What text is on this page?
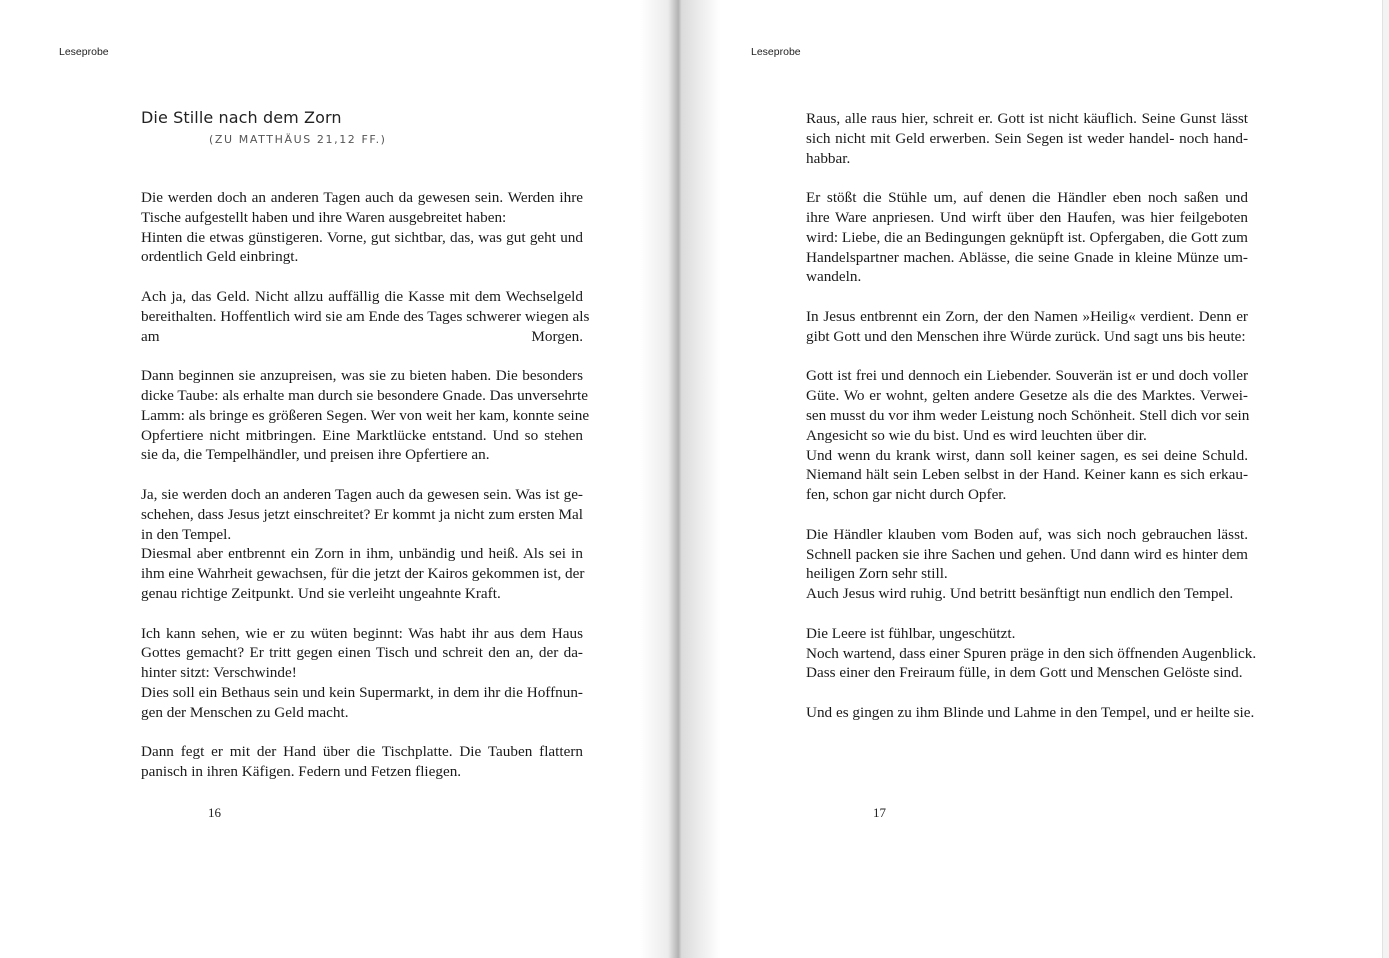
Leseprobe
Die Stille nach dem Zorn
(ZU MATTHÄUS 21,12 FF.)
Die werden doch an anderen Tagen auch da gewesen sein. Werden ihre
Tische aufgestellt haben und ihre Waren ausgebreitet haben:
Hinten die etwas günstigeren. Vorne, gut sichtbar, das, was gut geht und
ordentlich Geld einbringt.
Ach ja, das Geld. Nicht allzu auffällig die Kasse mit dem Wechselgeld
bereithalten. Hoffentlich wird sie am Ende des Tages schwerer wiegen als
am Morgen.
Dann beginnen sie anzupreisen, was sie zu bieten haben. Die besonders
dicke Taube: als erhalte man durch sie besondere Gnade. Das unversehrte
Lamm: als bringe es größeren Segen. Wer von weit her kam, konnte seine
Opfertiere nicht mitbringen. Eine Marktlücke entstand. Und so stehen
sie da, die Tempelhändler, und preisen ihre Opfertiere an.
Ja, sie werden doch an anderen Tagen auch da gewesen sein. Was ist ge-
schehen, dass Jesus jetzt einschreitet? Er kommt ja nicht zum ersten Mal
in den Tempel.
Diesmal aber entbrennt ein Zorn in ihm, unbändig und heiß. Als sei in
ihm eine Wahrheit gewachsen, für die jetzt der Kairos gekommen ist, der
genau richtige Zeitpunkt. Und sie verleiht ungeahnte Kraft.
Ich kann sehen, wie er zu wüten beginnt: Was habt ihr aus dem Haus
Gottes gemacht? Er tritt gegen einen Tisch und schreit den an, der da-
hinter sitzt: Verschwinde!
Dies soll ein Bethaus sein und kein Supermarkt, in dem ihr die Hoffnun-
gen der Menschen zu Geld macht.
Dann fegt er mit der Hand über die Tischplatte. Die Tauben flattern
panisch in ihren Käfigen. Federn und Fetzen fliegen.
16
Leseprobe
Raus, alle raus hier, schreit er. Gott ist nicht käuflich. Seine Gunst lässt
sich nicht mit Geld erwerben. Sein Segen ist weder handel- noch hand-
habbar.
Er stößt die Stühle um, auf denen die Händler eben noch saßen und
ihre Ware anpriesen. Und wirft über den Haufen, was hier feilgeboten
wird: Liebe, die an Bedingungen geknüpft ist. Opfergaben, die Gott zum
Handelspartner machen. Ablässe, die seine Gnade in kleine Münze um-
wandeln.
In Jesus entbrennt ein Zorn, der den Namen »Heilig« verdient. Denn er
gibt Gott und den Menschen ihre Würde zurück. Und sagt uns bis heute:
Gott ist frei und dennoch ein Liebender. Souverän ist er und doch voller
Güte. Wo er wohnt, gelten andere Gesetze als die des Marktes. Verwei-
sen musst du vor ihm weder Leistung noch Schönheit. Stell dich vor sein
Angesicht so wie du bist. Und es wird leuchten über dir.
Und wenn du krank wirst, dann soll keiner sagen, es sei deine Schuld.
Niemand hält sein Leben selbst in der Hand. Keiner kann es sich erkau-
fen, schon gar nicht durch Opfer.
Die Händler klauben vom Boden auf, was sich noch gebrauchen lässt.
Schnell packen sie ihre Sachen und gehen. Und dann wird es hinter dem
heiligen Zorn sehr still.
Auch Jesus wird ruhig. Und betritt besänftigt nun endlich den Tempel.
Die Leere ist fühlbar, ungeschützt.
Noch wartend, dass einer Spuren präge in den sich öffnenden Augenblick.
Dass einer den Freiraum fülle, in dem Gott und Menschen Gelöste sind.
Und es gingen zu ihm Blinde und Lahme in den Tempel, und er heilte sie.
17
